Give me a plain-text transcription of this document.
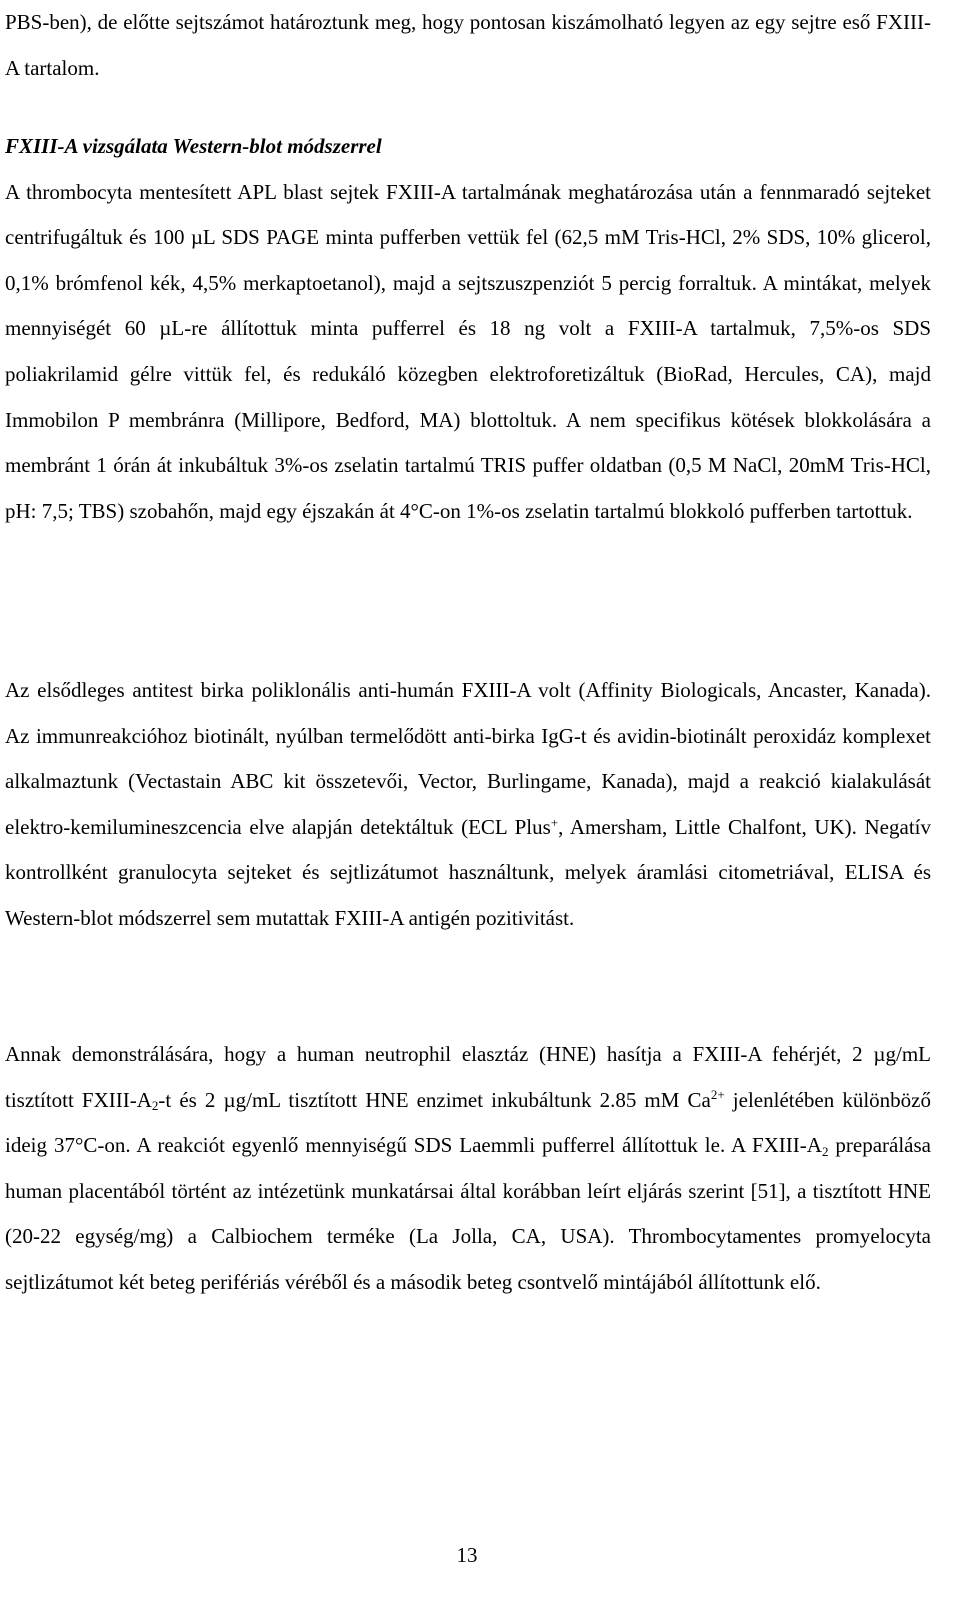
PBS-ben), de előtte sejtszámot határoztunk meg, hogy pontosan kiszámolható legyen az egy sejtre eső FXIII-A tartalom.

FXIII-A vizsgálata Western-blot módszerrel

A thrombocyta mentesített APL blast sejtek FXIII-A tartalmának meghatározása után a fennmaradó sejteket centrifugáltuk és 100 µL SDS PAGE minta pufferben vettük fel (62,5 mM Tris-HCl, 2% SDS, 10% glicerol, 0,1% brómfenol kék, 4,5% merkaptoetanol), majd a sejtszuszpenziót 5 percig forraltuk. A mintákat, melyek mennyiségét 60 µL-re állítottuk minta pufferrel és 18 ng volt a FXIII-A tartalmuk, 7,5%-os SDS poliakrilamid gélre vittük fel, és redukáló közegben elektroforetizáltuk (BioRad, Hercules, CA), majd Immobilon P membránra (Millipore, Bedford, MA) blottoltuk. A nem specifikus kötések blokkolására a membránt 1 órán át inkubáltuk 3%-os zselatin tartalmú TRIS puffer oldatban (0,5 M NaCl, 20mM Tris-HCl, pH: 7,5; TBS) szobahőn, majd egy éjszakán át 4°C-on 1%-os zselatin tartalmú blokkoló pufferben tartottuk.

Az elsődleges antitest birka poliklonális anti-humán FXIII-A volt (Affinity Biologicals, Ancaster, Kanada). Az immunreakcióhoz biotinált, nyúlban termelődött anti-birka IgG-t és avidin-biotinált peroxidáz komplexet alkalmaztunk (Vectastain ABC kit összetevői, Vector, Burlingame, Kanada), majd a reakció kialakulását elektro-kemilumineszcencia elve alapján detektáltuk (ECL Plus+, Amersham, Little Chalfont, UK). Negatív kontrollként granulocyta sejteket és sejtlizátumot használtunk, melyek áramlási citometriával, ELISA és Western-blot módszerrel sem mutattak FXIII-A antigén pozitivitást.

Annak demonstrálására, hogy a human neutrophil elasztáz (HNE) hasítja a FXIII-A fehérjét, 2 µg/mL tisztított FXIII-$A_2-t$ és 2 µg/mL tisztított HNE enzimet inkubáltunk 2.85 mM $Ca^{2+}$ jelenlétében különböző ideig 37°C-on. A reakciót egyenlő mennyiségű SDS Laemmli pufferrel állítottuk le. A FXIII-$A_2$ preparálása human placentából történt az intézetünk munkatársai által korábban leírt eljárás szerint [51], a tisztított HNE (20-22 egység/mg) a Calbiochem terméke (La Jolla, CA, USA). Thrombocytamentes promyelocyta sejtlizátumot két beteg perifériás véréből és a második beteg csontvelő mintájából állítottunk elő.

13
